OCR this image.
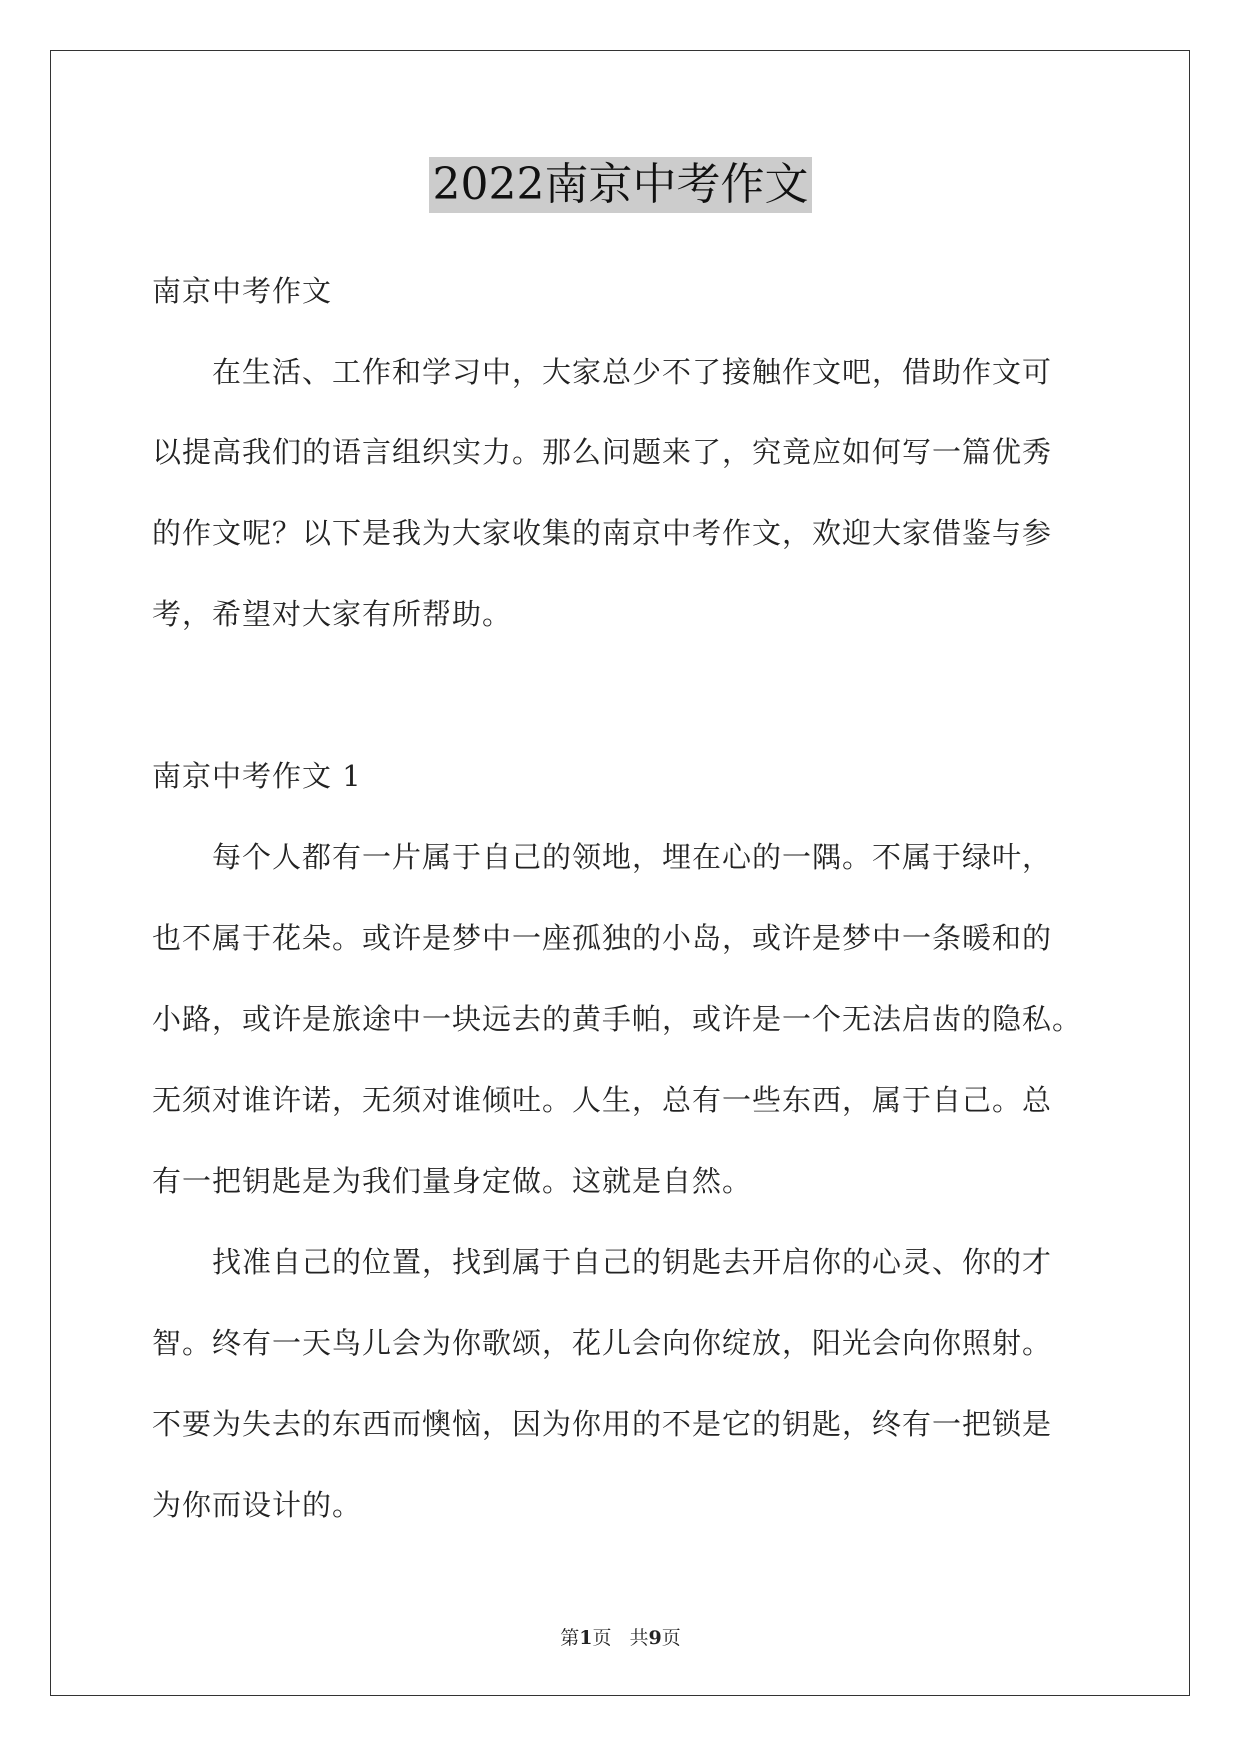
2022南京中考作文
南京中考作文
在生活、工作和学习中，大家总少不了接触作文吧，借助作文可
以提高我们的语言组织实力。那么问题来了，究竟应如何写一篇优秀
的作文呢？以下是我为大家收集的南京中考作文，欢迎大家借鉴与参
考，希望对大家有所帮助。
南京中考作文 1
每个人都有一片属于自己的领地，埋在心的一隅。不属于绿叶，
也不属于花朵。或许是梦中一座孤独的小岛，或许是梦中一条暖和的
小路，或许是旅途中一块远去的黄手帕，或许是一个无法启齿的隐私。
无须对谁许诺，无须对谁倾吐。人生，总有一些东西，属于自己。总
有一把钥匙是为我们量身定做。这就是自然。
找准自己的位置，找到属于自己的钥匙去开启你的心灵、你的才
智。终有一天鸟儿会为你歌颂，花儿会向你绽放，阳光会向你照射。
不要为失去的东西而懊恼，因为你用的不是它的钥匙，终有一把锁是
为你而设计的。
第1页 共9页
